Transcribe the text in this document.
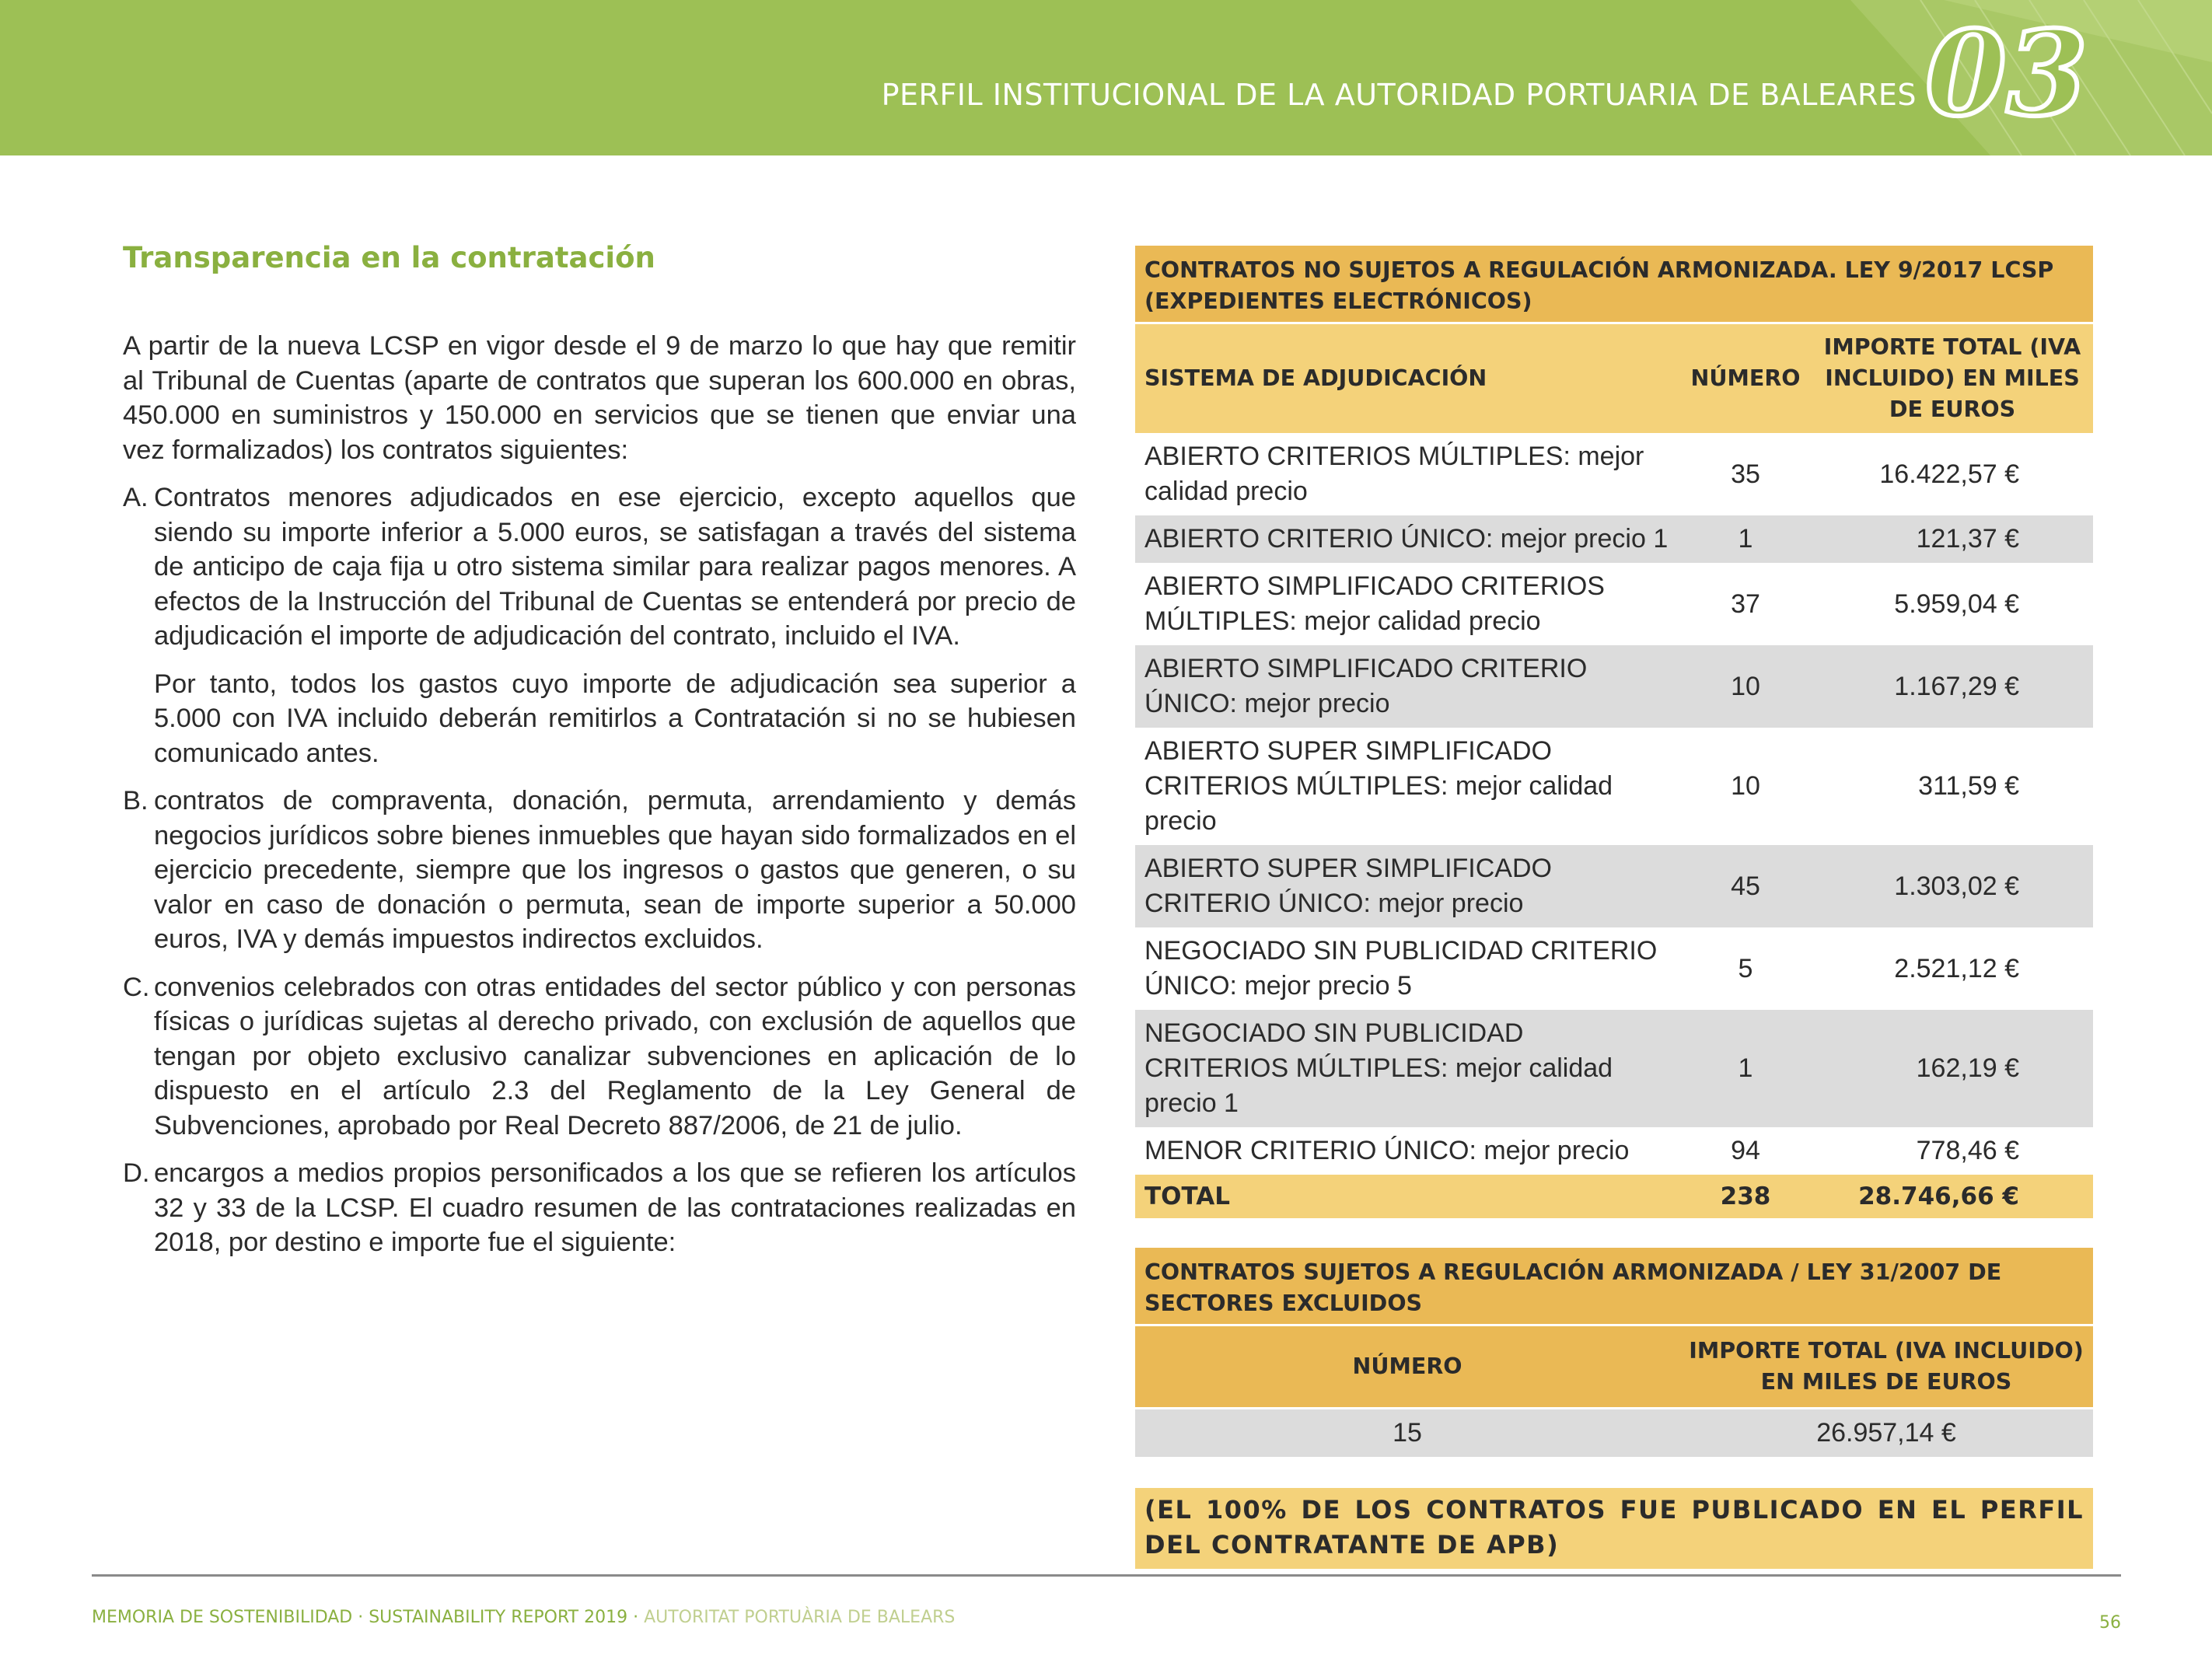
PERFIL INSTITUCIONAL DE LA AUTORIDAD PORTUARIA DE BALEARES 03
Transparencia en la contratación

A partir de la nueva LCSP en vigor desde el 9 de marzo lo que hay que remitir al Tribunal de Cuentas (aparte de contratos que superan los 600.000 en obras, 450.000 en suministros y 150.000 en servicios que se tienen que enviar una vez formalizados) los contratos siguientes:

A. Contratos menores adjudicados en ese ejercicio, excepto aquellos que siendo su importe inferior a 5.000 euros, se satisfagan a través del sistema de anticipo de caja fija u otro sistema similar para realizar pagos menores. A efectos de la Instrucción del Tribunal de Cuentas se entenderá por precio de adjudicación el importe de adjudicación del contrato, incluido el IVA.

Por tanto, todos los gastos cuyo importe de adjudicación sea superior a 5.000 con IVA incluido deberán remitirlos a Contratación si no se hubiesen comunicado antes.

B. contratos de compraventa, donación, permuta, arrendamiento y demás negocios jurídicos sobre bienes inmuebles que hayan sido formalizados en el ejercicio precedente, siempre que los ingresos o gastos que generen, o su valor en caso de donación o permuta, sean de importe superior a 50.000 euros, IVA y demás impuestos indirectos excluidos.

C. convenios celebrados con otras entidades del sector público y con personas físicas o jurídicas sujetas al derecho privado, con exclusión de aquellos que tengan por objeto exclusivo canalizar subvenciones en aplicación de lo dispuesto en el artículo 2.3 del Reglamento de la Ley General de Subvenciones, aprobado por Real Decreto 887/2006, de 21 de julio.

D. encargos a medios propios personificados a los que se refieren los artículos 32 y 33 de la LCSP. El cuadro resumen de las contrataciones realizadas en 2018, por destino e importe fue el siguiente:

CONTRATOS NO SUJETOS A REGULACIÓN ARMONIZADA. LEY 9/2017 LCSP (EXPEDIENTES ELECTRÓNICOS)		
SISTEMA DE ADJUDICACIÓN	NÚMERO	IMPORTE TOTAL (IVA INCLUIDO) EN MILES DE EUROS
ABIERTO CRITERIOS MÚLTIPLES: mejor calidad precio	35	16.422,57 €
ABIERTO CRITERIO ÚNICO: mejor precio 1	1	121,37 €
ABIERTO SIMPLIFICADO CRITERIOS MÚLTIPLES: mejor calidad precio	37	5.959,04 €
ABIERTO SIMPLIFICADO CRITERIO ÚNICO: mejor precio	10	1.167,29 €
ABIERTO SUPER SIMPLIFICADO CRITERIOS MÚLTIPLES: mejor calidad precio	10	311,59 €
ABIERTO SUPER SIMPLIFICADO CRITERIO ÚNICO: mejor precio	45	1.303,02 €
NEGOCIADO SIN PUBLICIDAD CRITERIO ÚNICO: mejor precio 5	5	2.521,12 €
NEGOCIADO SIN PUBLICIDAD CRITERIOS MÚLTIPLES: mejor calidad precio 1	1	162,19 €
MENOR CRITERIO ÚNICO: mejor precio	94	778,46 €
TOTAL	238	28.746,66 €
CONTRATOS SUJETOS A REGULACIÓN ARMONIZADA / LEY 31/2007 DE SECTORES EXCLUIDOS	
NÚMERO	IMPORTE TOTAL (IVA INCLUIDO) EN MILES DE EUROS
15	26.957,14 €
(EL 100% DE LOS CONTRATOS FUE PUBLICADO EN EL PERFIL DEL CONTRATANTE DE APB)
MEMORIA DE SOSTENIBILIDAD · SUSTAINABILITY REPORT 2019 · AUTORITAT PORTUÀRIA DE BALEARS	56
